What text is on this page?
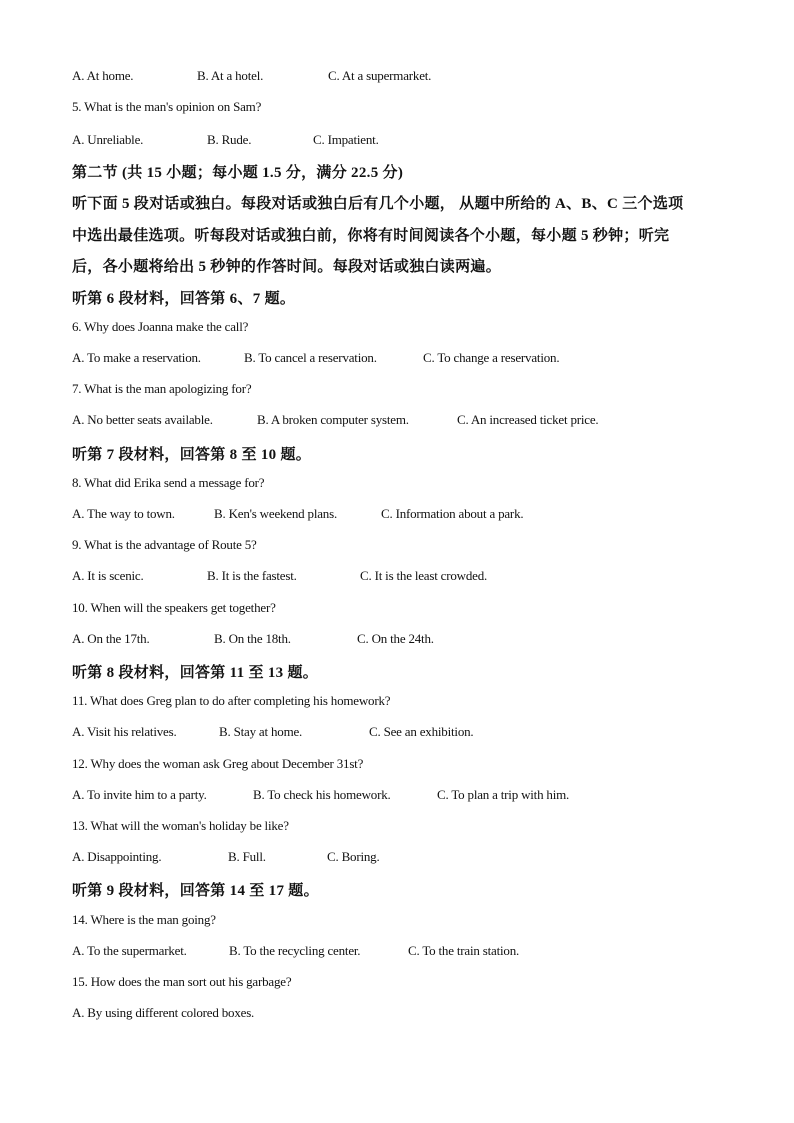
A. At home.	B. At a hotel.	C. At a supermarket.
5. What is the man's opinion on Sam?
A. Unreliable.	B. Rude.	C. Impatient.
第二节 (共 15 小题；每小题 1.5 分，满分 22.5 分)
听下面 5 段对话或独白。每段对话或独白后有几个小题， 从题中所给的 A、B、C 三个选项
中选出最佳选项。听每段对话或独白前，你将有时间阅读各个小题，每小题 5 秒钟；听完
后，各小题将给出 5 秒钟的作答时间。每段对话或独白读两遍。
听第 6 段材料，回答第 6、7 题。
6. Why does Joanna make the call?
A. To make a reservation.	B. To cancel a reservation.	C. To change a reservation.
7. What is the man apologizing for?
A. No better seats available.	B. A broken computer system.	C. An increased ticket price.
听第 7 段材料，回答第 8 至 10 题。
8. What did Erika send a message for?
A. The way to town.	B. Ken's weekend plans.	C. Information about a park.
9. What is the advantage of Route 5?
A. It is scenic.	B. It is the fastest.	C. It is the least crowded.
10. When will the speakers get together?
A. On the 17th.	B. On the 18th.	C. On the 24th.
听第 8 段材料，回答第 11 至 13 题。
11. What does Greg plan to do after completing his homework?
A. Visit his relatives.	B. Stay at home.	C. See an exhibition.
12. Why does the woman ask Greg about December 31st?
A. To invite him to a party.	B. To check his homework.	C. To plan a trip with him.
13. What will the woman's holiday be like?
A. Disappointing.	B. Full.	C. Boring.
听第 9 段材料，回答第 14 至 17 题。
14. Where is the man going?
A. To the supermarket.	B. To the recycling center.	C. To the train station.
15. How does the man sort out his garbage?
A. By using different colored boxes.
